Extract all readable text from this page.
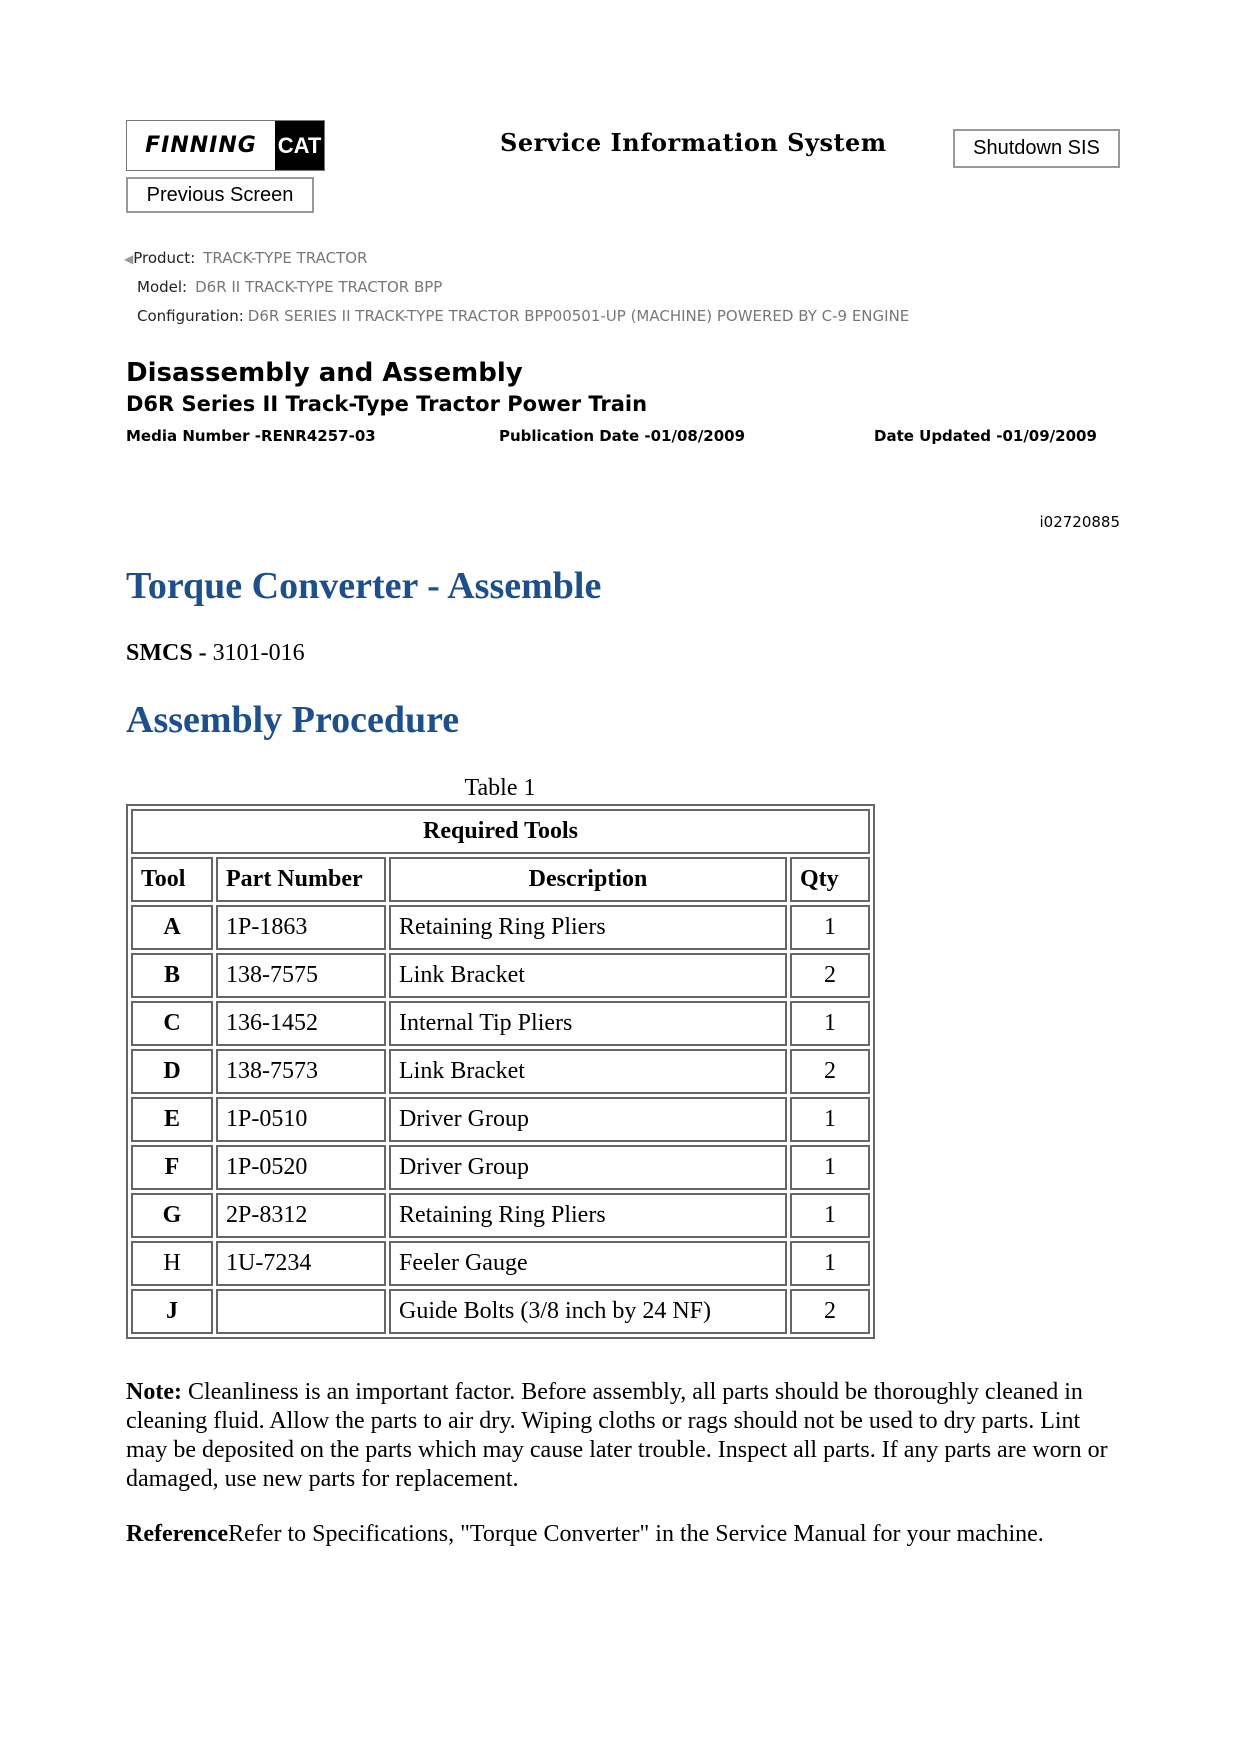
FINNING CAT	Service Information System	Shutdown SIS
Previous Screen
◀Product: TRACK-TYPE TRACTOR
Model: D6R II TRACK-TYPE TRACTOR BPP
Configuration: D6R SERIES II TRACK-TYPE TRACTOR BPP00501-UP (MACHINE) POWERED BY C-9 ENGINE
Disassembly and Assembly
D6R Series II Track-Type Tractor Power Train
Media Number -RENR4257-03	Publication Date -01/08/2009	Date Updated -01/09/2009
i02720885
Torque Converter - Assemble
SMCS - 3101-016
Assembly Procedure
Table 1
Required Tools			
Tool	Part Number	Description	Qty
A	1P-1863	Retaining Ring Pliers	1
B	138-7575	Link Bracket	2
C	136-1452	Internal Tip Pliers	1
D	138-7573	Link Bracket	2
E	1P-0510	Driver Group	1
F	1P-0520	Driver Group	1
G	2P-8312	Retaining Ring Pliers	1
H	1U-7234	Feeler Gauge	1
J		Guide Bolts (3/8 inch by 24 NF)	2
Note: Cleanliness is an important factor. Before assembly, all parts should be thoroughly cleaned in cleaning fluid. Allow the parts to air dry. Wiping cloths or rags should not be used to dry parts. Lint may be deposited on the parts which may cause later trouble. Inspect all parts. If any parts are worn or damaged, use new parts for replacement.
ReferenceRefer to Specifications, "Torque Converter" in the Service Manual for your machine.
